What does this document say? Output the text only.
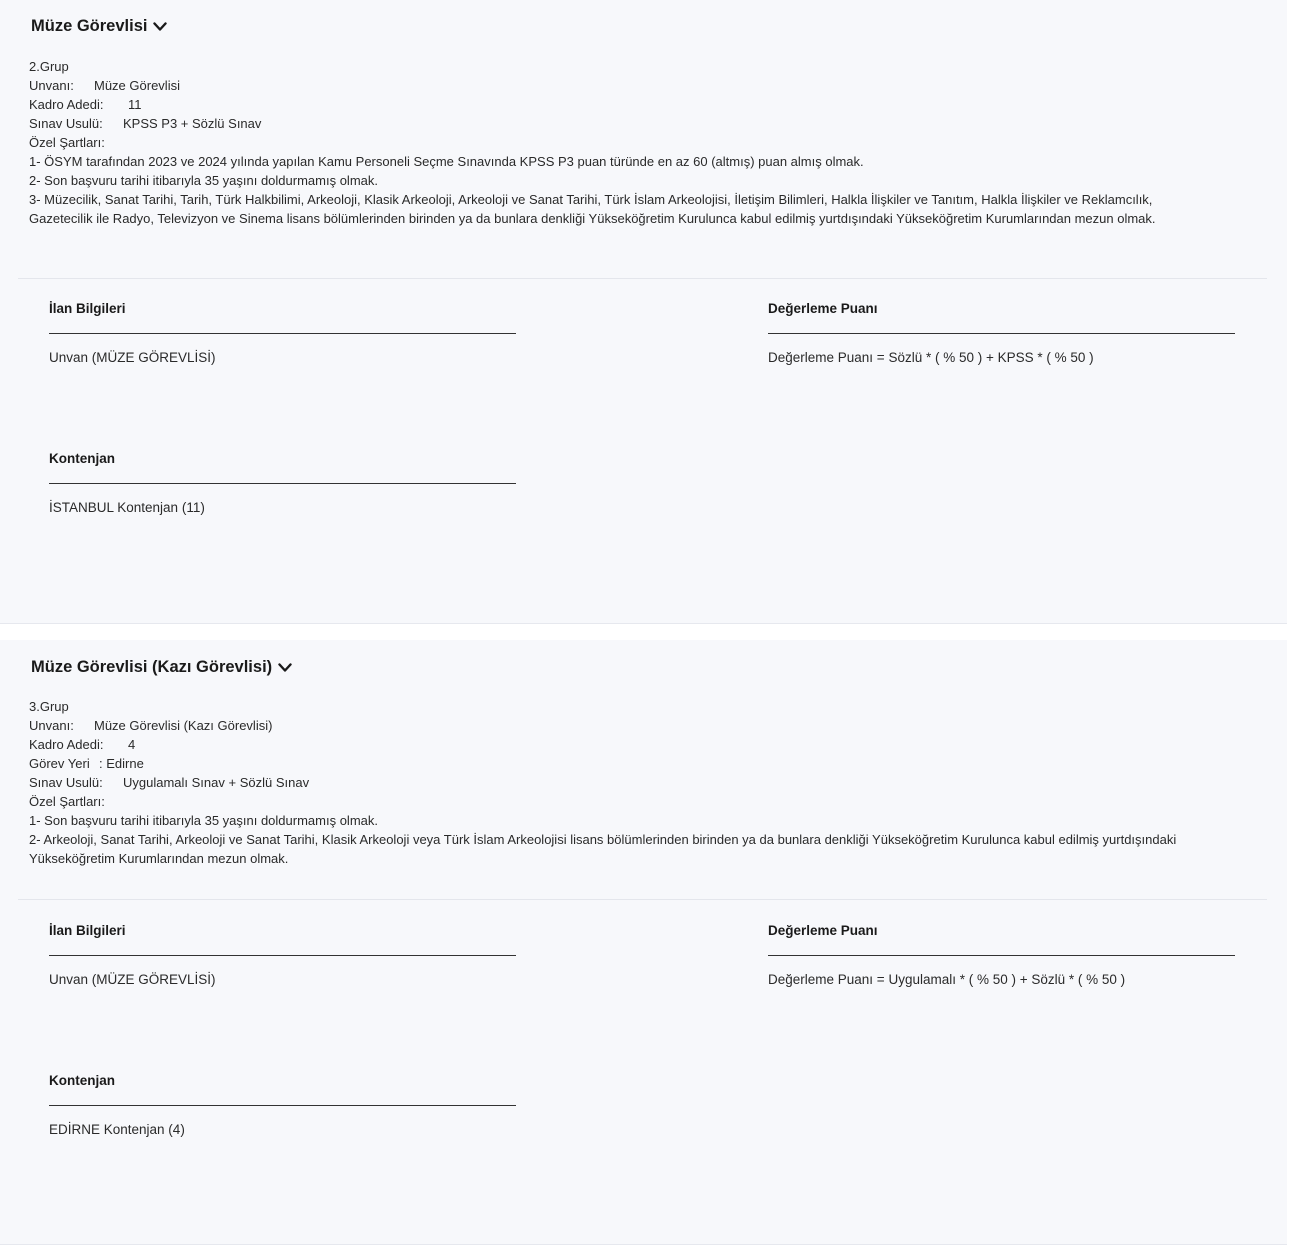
Müze Görevlisi
2.Grup
Unvanı: Müze Görevlisi
Kadro Adedi: 11
Sınav Usulü: KPSS P3 + Sözlü Sınav
Özel Şartları:
1- ÖSYM tarafından 2023 ve 2024 yılında yapılan Kamu Personeli Seçme Sınavında KPSS P3 puan türünde en az 60 (altmış) puan almış olmak.
2- Son başvuru tarihi itibarıyla 35 yaşını doldurmamış olmak.
3- Müzecilik, Sanat Tarihi, Tarih, Türk Halkbilimi, Arkeoloji, Klasik Arkeoloji, Arkeoloji ve Sanat Tarihi, Türk İslam Arkeolojisi, İletişim Bilimleri, Halkla İlişkiler ve Tanıtım, Halkla İlişkiler ve Reklamcılık, Gazetecilik ile Radyo, Televizyon ve Sinema lisans bölümlerinden birinden ya da bunlara denkliği Yükseköğretim Kurulunca kabul edilmiş yurtdışındaki Yükseköğretim Kurumlarından mezun olmak.
İlan Bilgileri
Unvan (MÜZE GÖREVLİSİ)
Değerleme Puanı
Değerleme Puanı = Sözlü * ( % 50 ) + KPSS * ( % 50 )
Kontenjan
İSTANBUL Kontenjan (11)
Müze Görevlisi (Kazı Görevlisi)
3.Grup
Unvanı: Müze Görevlisi (Kazı Görevlisi)
Kadro Adedi: 4
Görev Yeri : Edirne
Sınav Usulü: Uygulamalı Sınav + Sözlü Sınav
Özel Şartları:
1- Son başvuru tarihi itibarıyla 35 yaşını doldurmamış olmak.
2- Arkeoloji, Sanat Tarihi, Arkeoloji ve Sanat Tarihi, Klasik Arkeoloji veya Türk İslam Arkeolojisi lisans bölümlerinden birinden ya da bunlara denkliği Yükseköğretim Kurulunca kabul edilmiş yurtdışındaki Yükseköğretim Kurumlarından mezun olmak.
İlan Bilgileri
Unvan (MÜZE GÖREVLİSİ)
Değerleme Puanı
Değerleme Puanı = Uygulamalı * ( % 50 ) + Sözlü * ( % 50 )
Kontenjan
EDİRNE Kontenjan (4)
